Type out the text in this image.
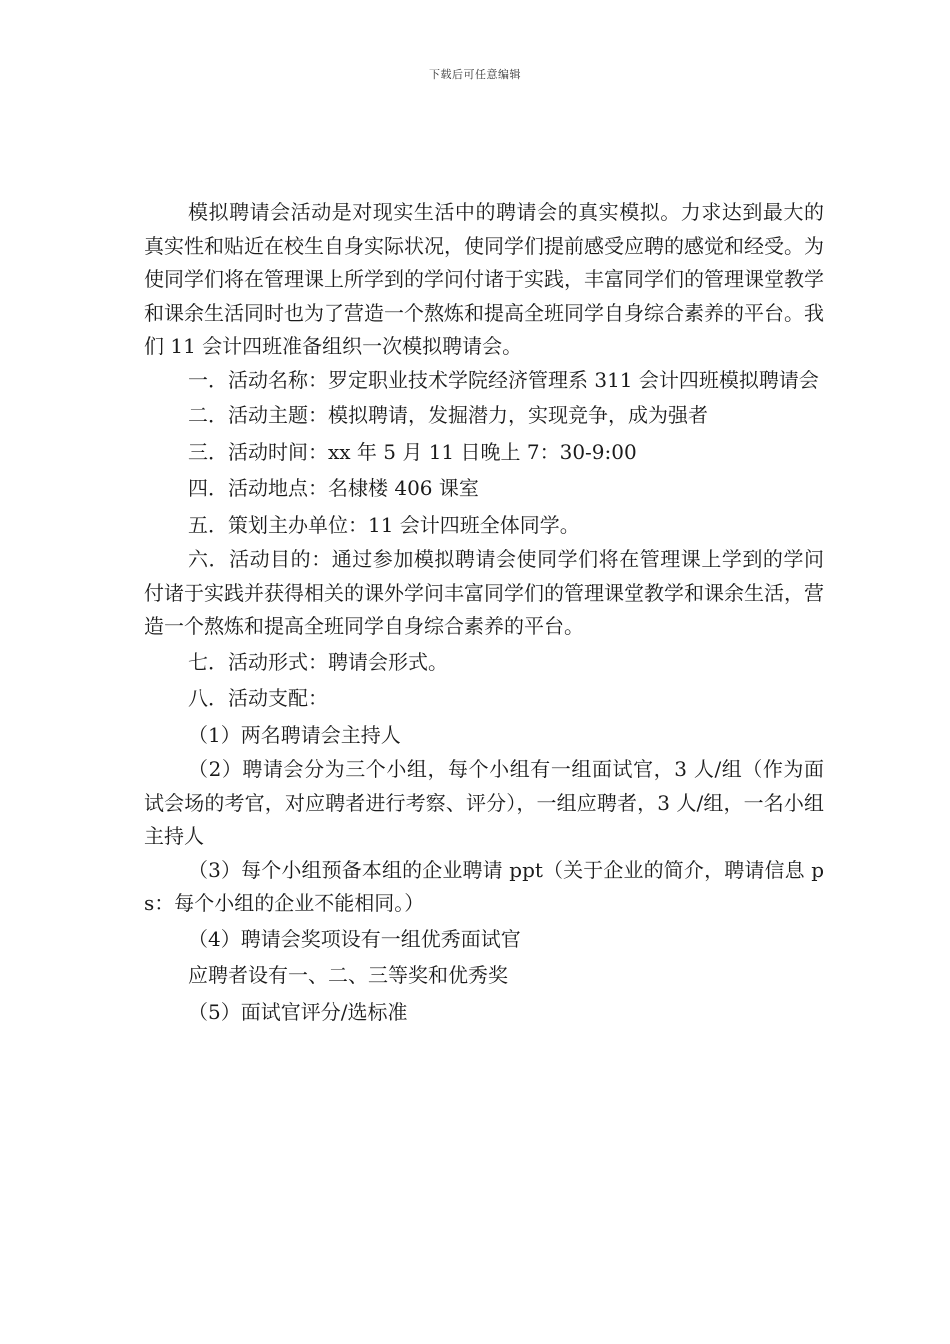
下载后可任意编辑

模拟聘请会活动是对现实生活中的聘请会的真实模拟。力求达到最大的真实性和贴近在校生自身实际状况，使同学们提前感受应聘的感觉和经受。为使同学们将在管理课上所学到的学问付诸于实践，丰富同学们的管理课堂教学和课余生活同时也为了营造一个熬炼和提高全班同学自身综合素养的平台。我们 11 会计四班准备组织一次模拟聘请会。

一．活动名称：罗定职业技术学院经济管理系 311 会计四班模拟聘请会

二．活动主题：模拟聘请，发掘潜力，实现竞争，成为强者

三．活动时间：xx 年 5 月 11 日晚上 7：30-9:00

四．活动地点：名棣楼 406 课室

五．策划主办单位：11 会计四班全体同学。

六．活动目的：通过参加模拟聘请会使同学们将在管理课上学到的学问付诸于实践并获得相关的课外学问丰富同学们的管理课堂教学和课余生活，营造一个熬炼和提高全班同学自身综合素养的平台。

七．活动形式：聘请会形式。

八．活动支配：

（1）两名聘请会主持人

（2）聘请会分为三个小组，每个小组有一组面试官，3 人/组（作为面试会场的考官，对应聘者进行考察、评分），一组应聘者，3 人/组，一名小组主持人

（3）每个小组预备本组的企业聘请 ppt（关于企业的简介，聘请信息 ps：每个小组的企业不能相同。）

（4）聘请会奖项设有一组优秀面试官

应聘者设有一、二、三等奖和优秀奖

（5）面试官评分/选标准
